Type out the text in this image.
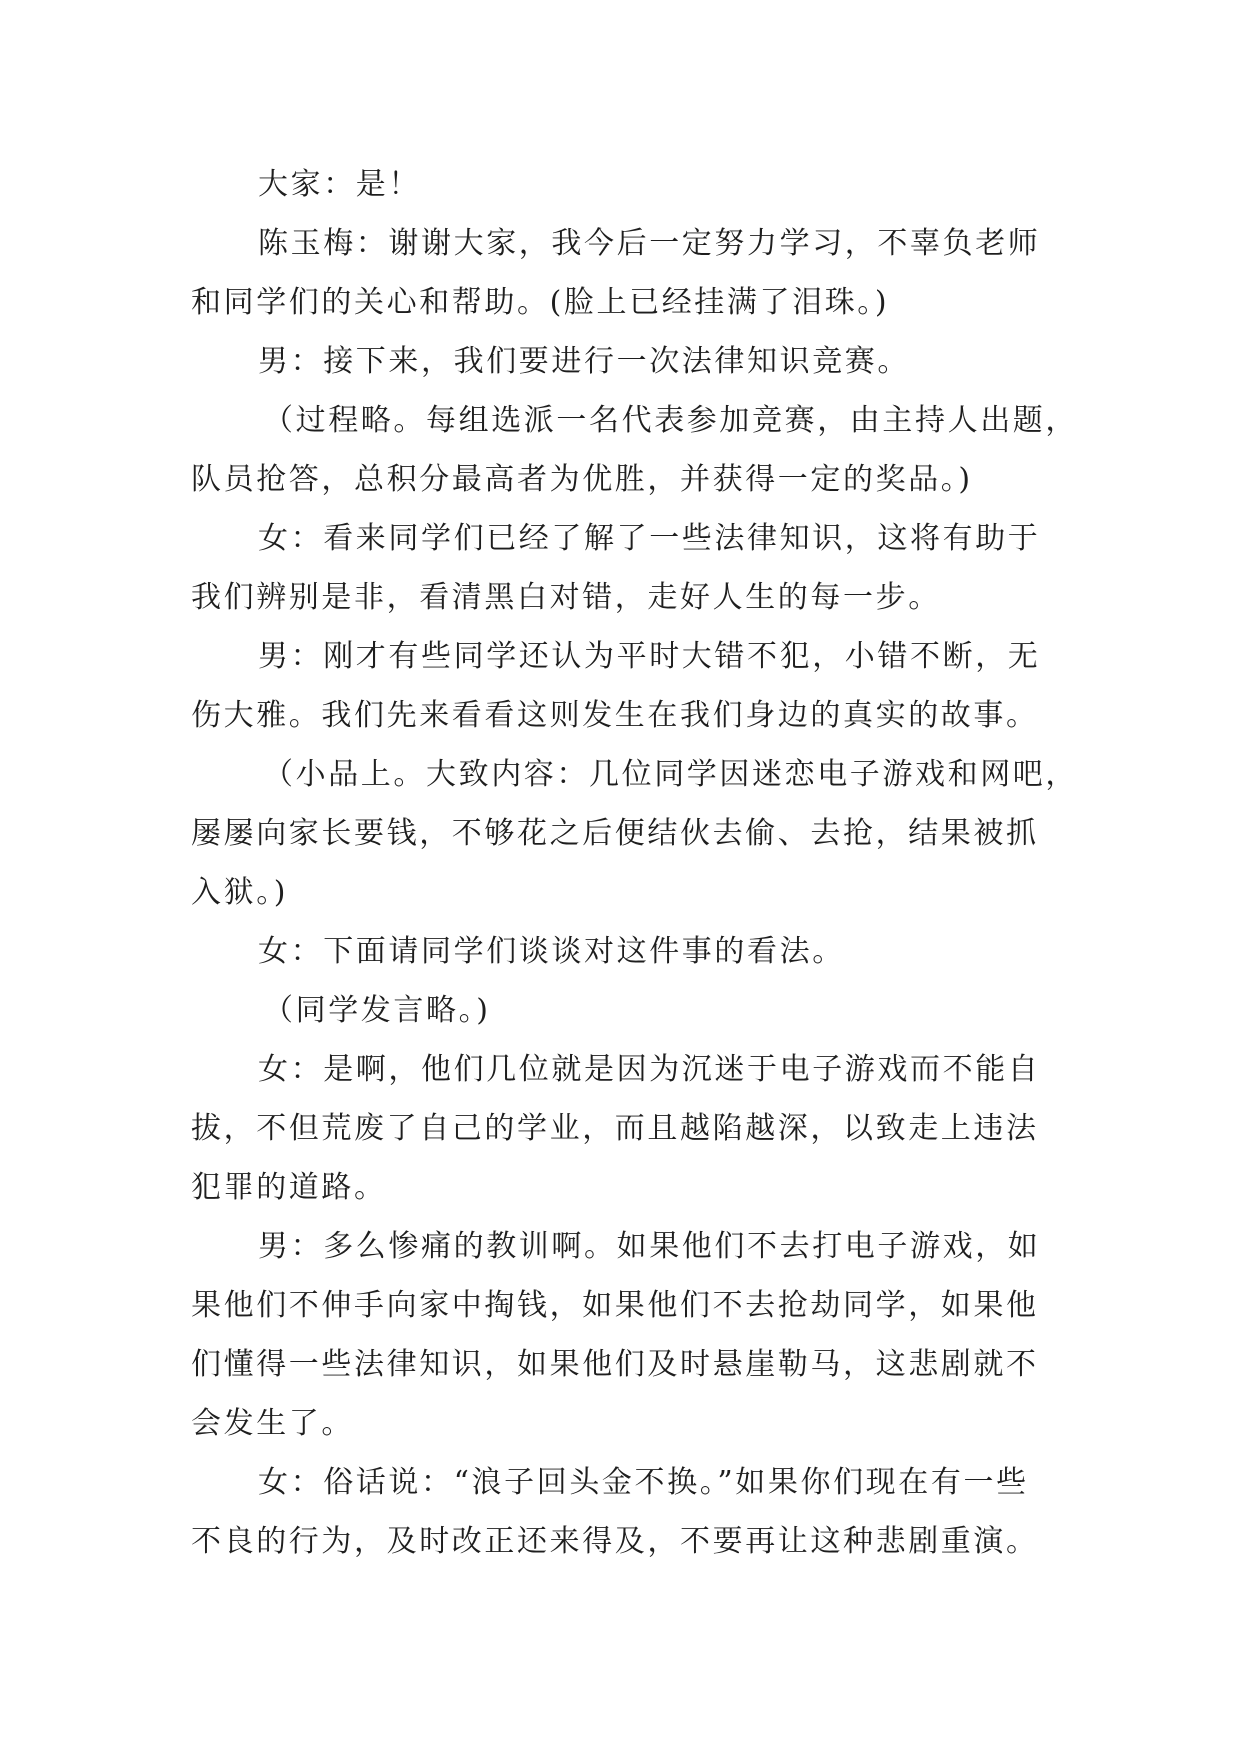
大家：是！
陈玉梅：谢谢大家，我今后一定努力学习，不辜负老师
和同学们的关心和帮助。(脸上已经挂满了泪珠。)
男：接下来，我们要进行一次法律知识竞赛。
（过程略。每组选派一名代表参加竞赛，由主持人出题，
队员抢答，总积分最高者为优胜，并获得一定的奖品。)
女：看来同学们已经了解了一些法律知识，这将有助于
我们辨别是非，看清黑白对错，走好人生的每一步。
男：刚才有些同学还认为平时大错不犯，小错不断，无
伤大雅。我们先来看看这则发生在我们身边的真实的故事。
（小品上。大致内容：几位同学因迷恋电子游戏和网吧，
屡屡向家长要钱，不够花之后便结伙去偷、去抢，结果被抓
入狱。)
女：下面请同学们谈谈对这件事的看法。
（同学发言略。)
女：是啊，他们几位就是因为沉迷于电子游戏而不能自
拔，不但荒废了自己的学业，而且越陷越深，以致走上违法
犯罪的道路。
男：多么惨痛的教训啊。如果他们不去打电子游戏，如
果他们不伸手向家中掏钱，如果他们不去抢劫同学，如果他
们懂得一些法律知识，如果他们及时悬崖勒马，这悲剧就不
会发生了。
女：俗话说：“浪子回头金不换。”如果你们现在有一些
不良的行为，及时改正还来得及，不要再让这种悲剧重演。
